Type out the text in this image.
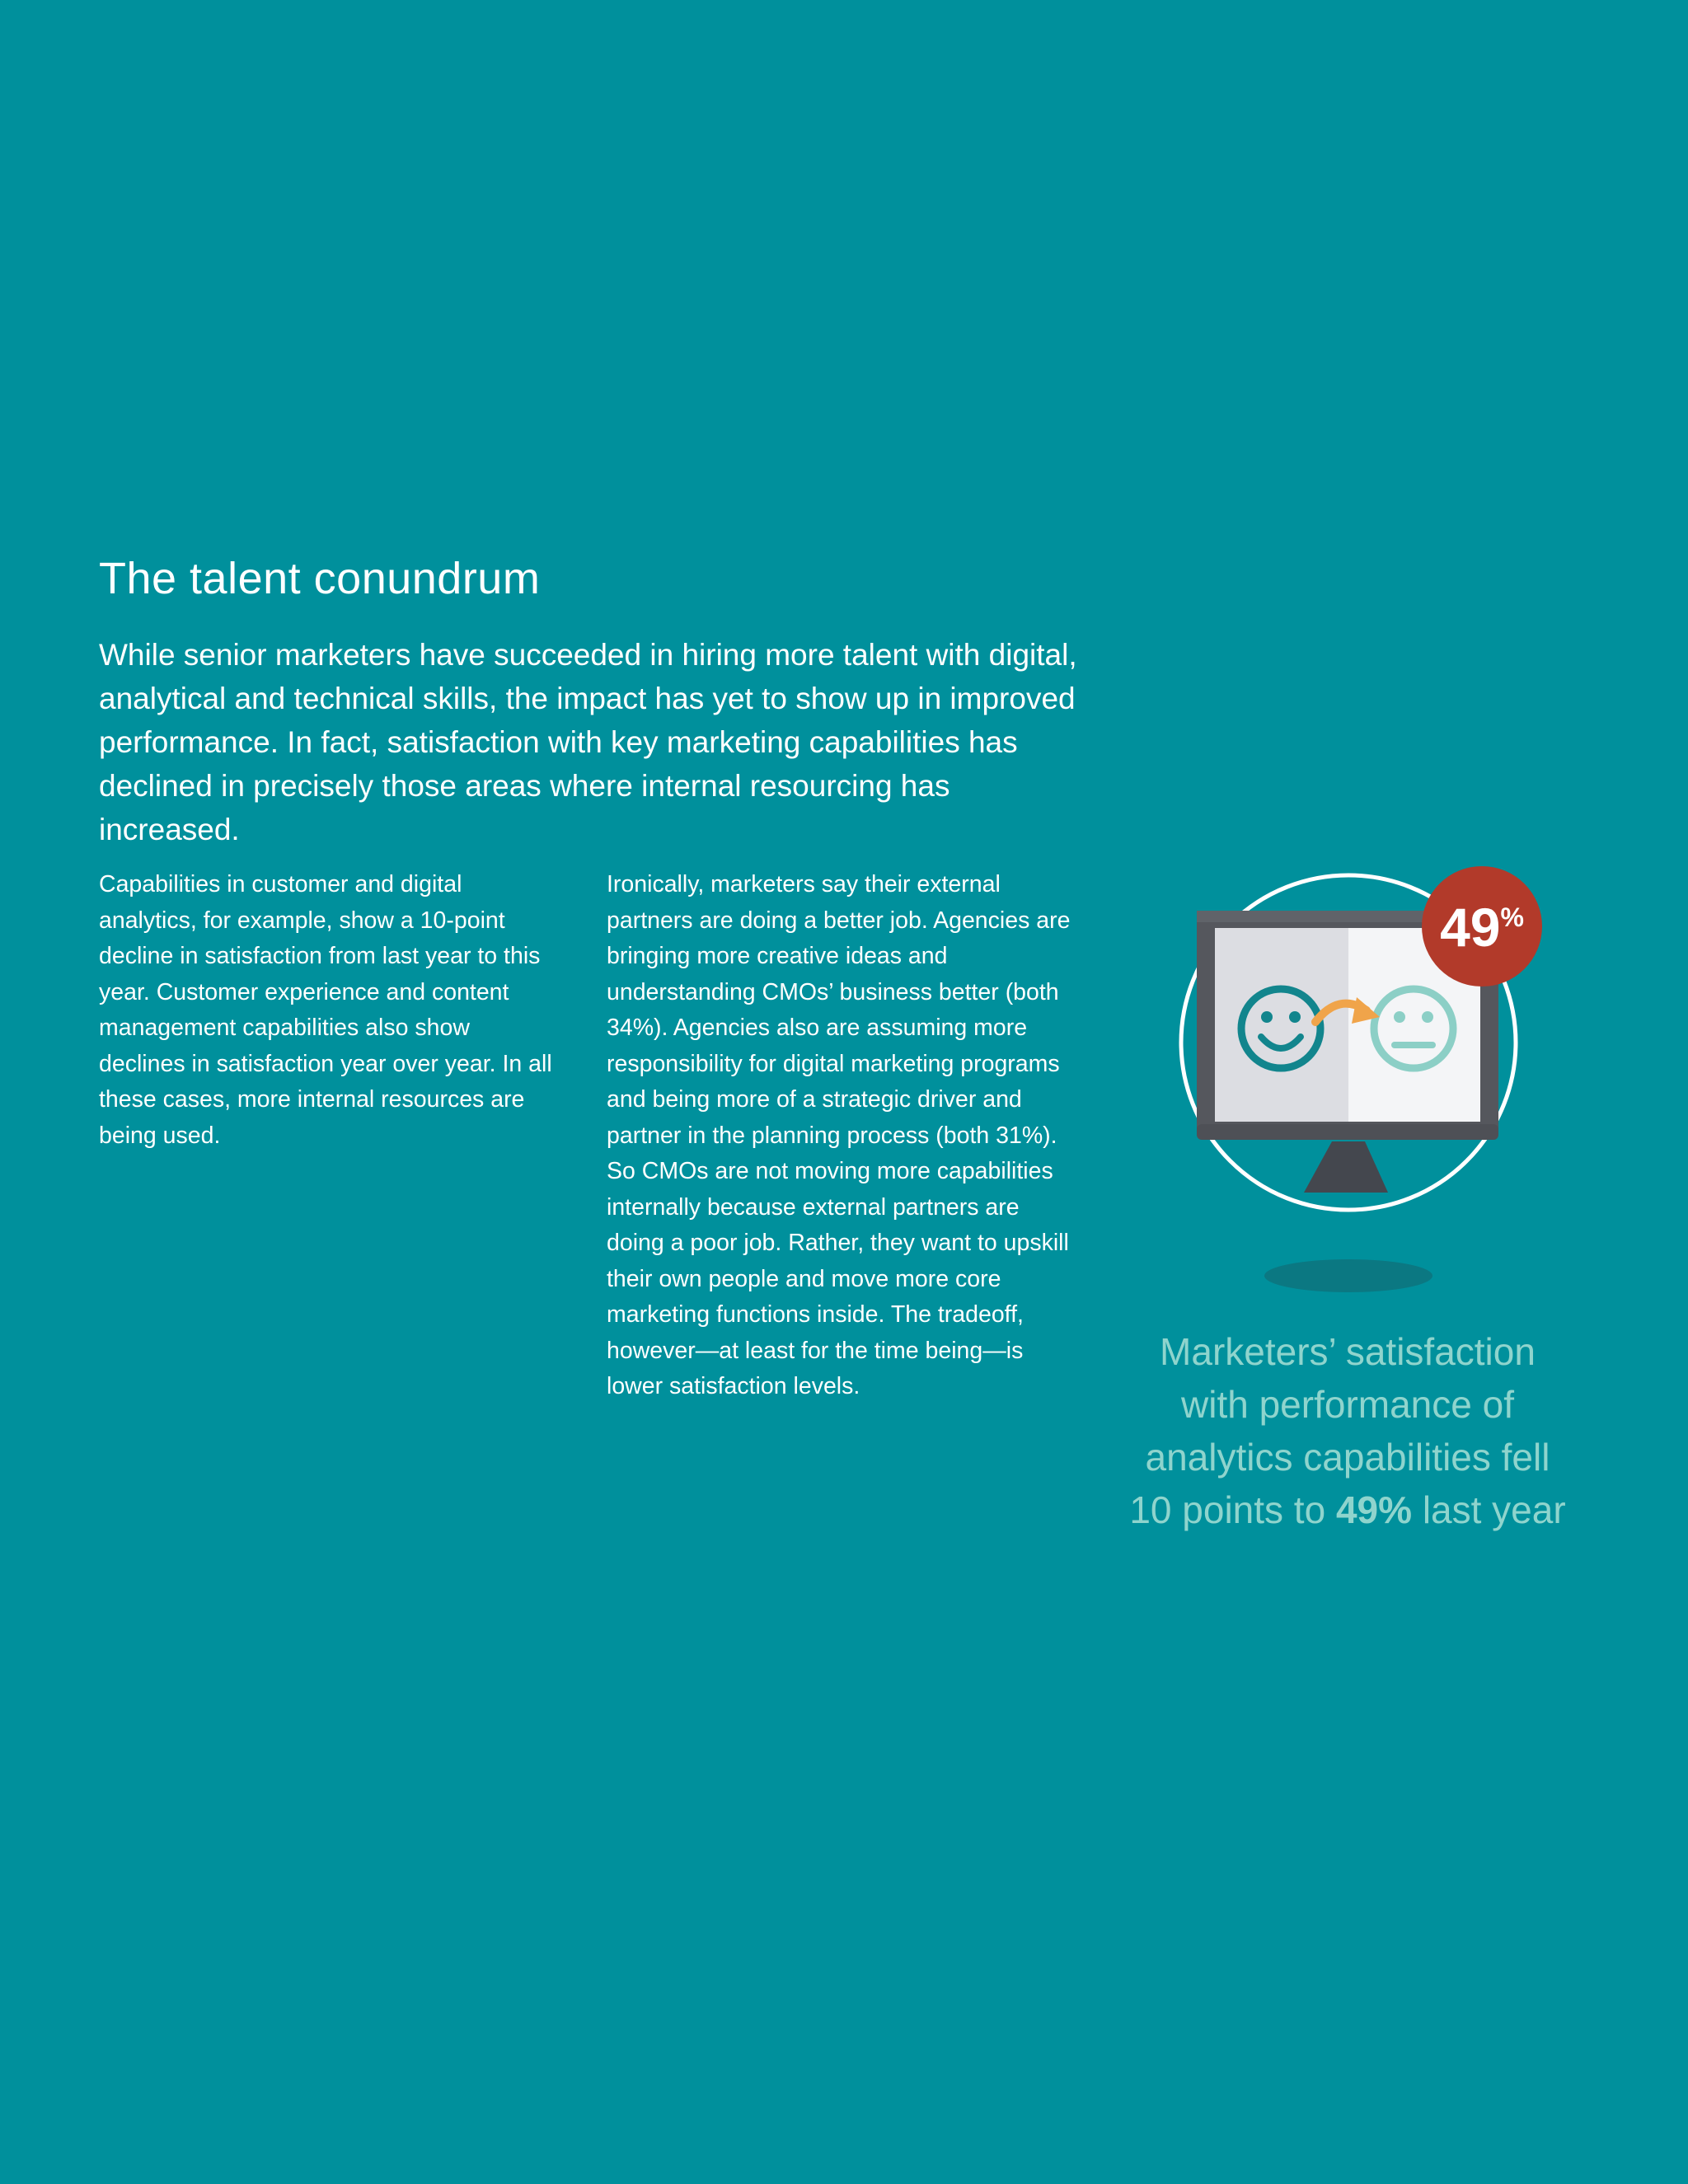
The talent conundrum

While senior marketers have succeeded in hiring more talent with digital, analytical and technical skills, the impact has yet to show up in improved performance. In fact, satisfaction with key marketing capabilities has declined in precisely those areas where internal resourcing has increased.

Capabilities in customer and digital analytics, for example, show a 10-point decline in satisfaction from last year to this year. Customer experience and content management capabilities also show declines in satisfaction year over year. In all these cases, more internal resources are being used.

Ironically, marketers say their external partners are doing a better job. Agencies are bringing more creative ideas and understanding CMOs’ business better (both 34%). Agencies also are assuming more responsibility for digital marketing programs and being more of a strategic driver and partner in the planning process (both 31%). So CMOs are not moving more capabilities internally because external partners are doing a poor job. Rather, they want to upskill their own people and move more core marketing functions inside. The tradeoff, however—at least for the time being—is lower satisfaction levels.

49%

Marketers’ satisfaction with performance of analytics capabilities fell 10 points to 49% last year
